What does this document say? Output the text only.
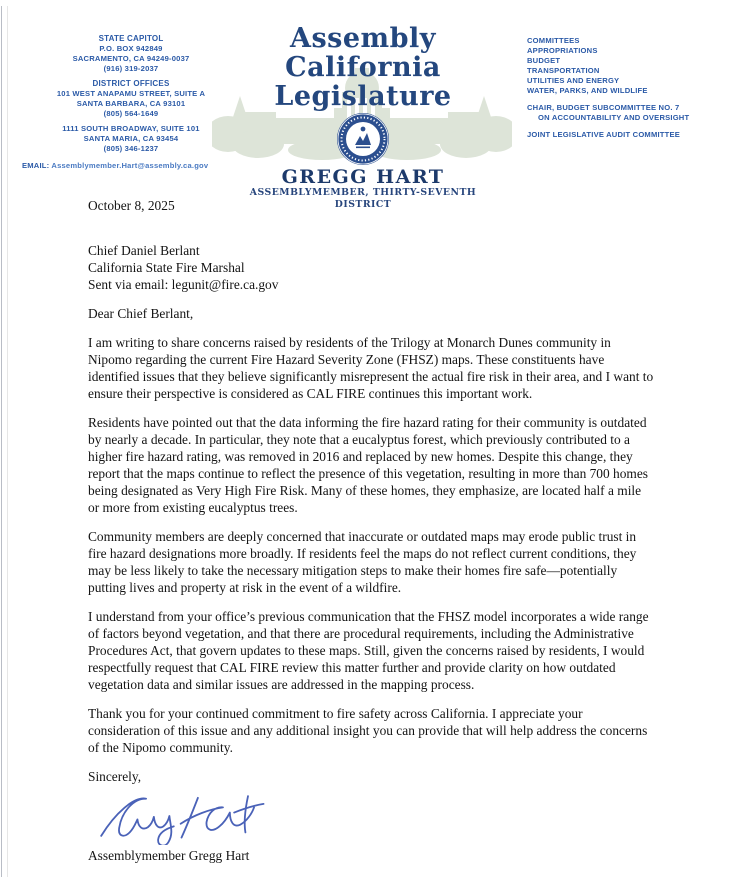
STATE CAPITOL
P.O. BOX 942849
SACRAMENTO, CA 94249-0037
(916) 319-2037
DISTRICT OFFICES
101 WEST ANAPAMU STREET, SUITE A
SANTA BARBARA, CA 93101
(805) 564-1649
1111 SOUTH BROADWAY, SUITE 101
SANTA MARIA, CA 93454
(805) 346-1237
EMAIL: Assemblymember.Hart@assembly.ca.gov
Assembly
California Legislature
GREGG HART
ASSEMBLYMEMBER, THIRTY-SEVENTH DISTRICT
COMMITTEES
APPROPRIATIONS
BUDGET
TRANSPORTATION
UTILITIES AND ENERGY
WATER, PARKS, AND WILDLIFE
CHAIR, BUDGET SUBCOMMITTEE NO. 7
ON ACCOUNTABILITY AND OVERSIGHT
JOINT LEGISLATIVE AUDIT COMMITTEE

October 8, 2025

Chief Daniel Berlant
California State Fire Marshal
Sent via email: legunit@fire.ca.gov

Dear Chief Berlant,

I am writing to share concerns raised by residents of the Trilogy at Monarch Dunes community in Nipomo regarding the current Fire Hazard Severity Zone (FHSZ) maps. These constituents have identified issues that they believe significantly misrepresent the actual fire risk in their area, and I want to ensure their perspective is considered as CAL FIRE continues this important work.

Residents have pointed out that the data informing the fire hazard rating for their community is outdated by nearly a decade. In particular, they note that a eucalyptus forest, which previously contributed to a higher fire hazard rating, was removed in 2016 and replaced by new homes. Despite this change, they report that the maps continue to reflect the presence of this vegetation, resulting in more than 700 homes being designated as Very High Fire Risk. Many of these homes, they emphasize, are located half a mile or more from existing eucalyptus trees.

Community members are deeply concerned that inaccurate or outdated maps may erode public trust in fire hazard designations more broadly. If residents feel the maps do not reflect current conditions, they may be less likely to take the necessary mitigation steps to make their homes fire safe—potentially putting lives and property at risk in the event of a wildfire.

I understand from your office’s previous communication that the FHSZ model incorporates a wide range of factors beyond vegetation, and that there are procedural requirements, including the Administrative Procedures Act, that govern updates to these maps. Still, given the concerns raised by residents, I would respectfully request that CAL FIRE review this matter further and provide clarity on how outdated vegetation data and similar issues are addressed in the mapping process.

Thank you for your continued commitment to fire safety across California. I appreciate your consideration of this issue and any additional insight you can provide that will help address the concerns of the Nipomo community.

Sincerely,

Assemblymember Gregg Hart
